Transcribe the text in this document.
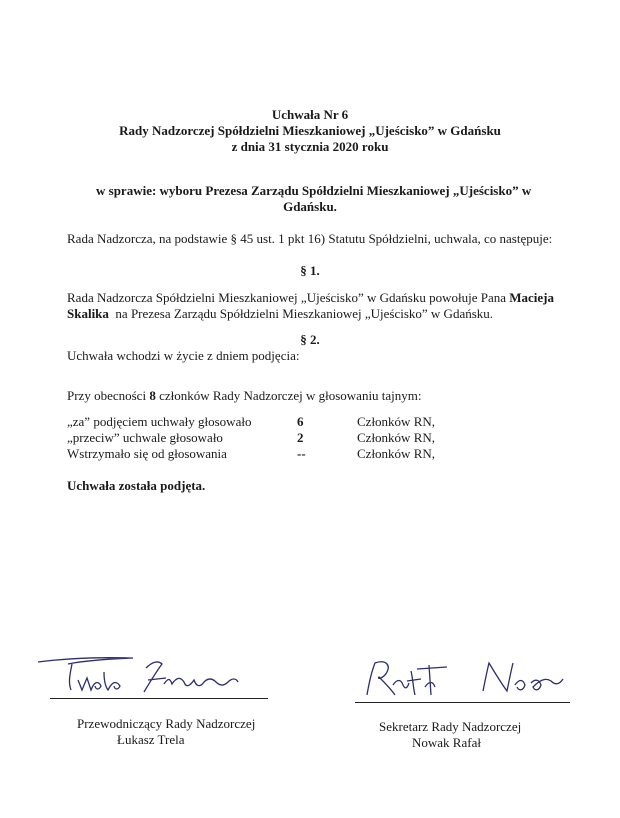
Uchwała Nr 6
Rady Nadzorczej Spółdzielni Mieszkaniowej „Ujeścisko” w Gdańsku
z dnia 31 stycznia 2020 roku
w sprawie: wyboru Prezesa Zarządu Spółdzielni Mieszkaniowej „Ujeścisko” w
Gdańsku.
Rada Nadzorcza, na podstawie § 45 ust. 1 pkt 16) Statutu Spółdzielni, uchwala, co następuje:
§ 1.
Rada Nadzorcza Spółdzielni Mieszkaniowej „Ujeścisko” w Gdańsku powołuje Pana Macieja
Skalika  na Prezesa Zarządu Spółdzielni Mieszkaniowej „Ujeścisko” w Gdańsku.
§ 2.
Uchwała wchodzi w życie z dniem podjęcia:
Przy obecności 8 członków Rady Nadzorczej w głosowaniu tajnym:
„za” podjęciem uchwały głosowało	6	Członków RN,
„przeciw” uchwale głosowało	2	Członków RN,
Wstrzymało się od głosowania	--	Członków RN,
Uchwała została podjęta.
Przewodniczący Rady Nadzorczej
Łukasz Trela
Sekretarz Rady Nadzorczej
Nowak Rafał
